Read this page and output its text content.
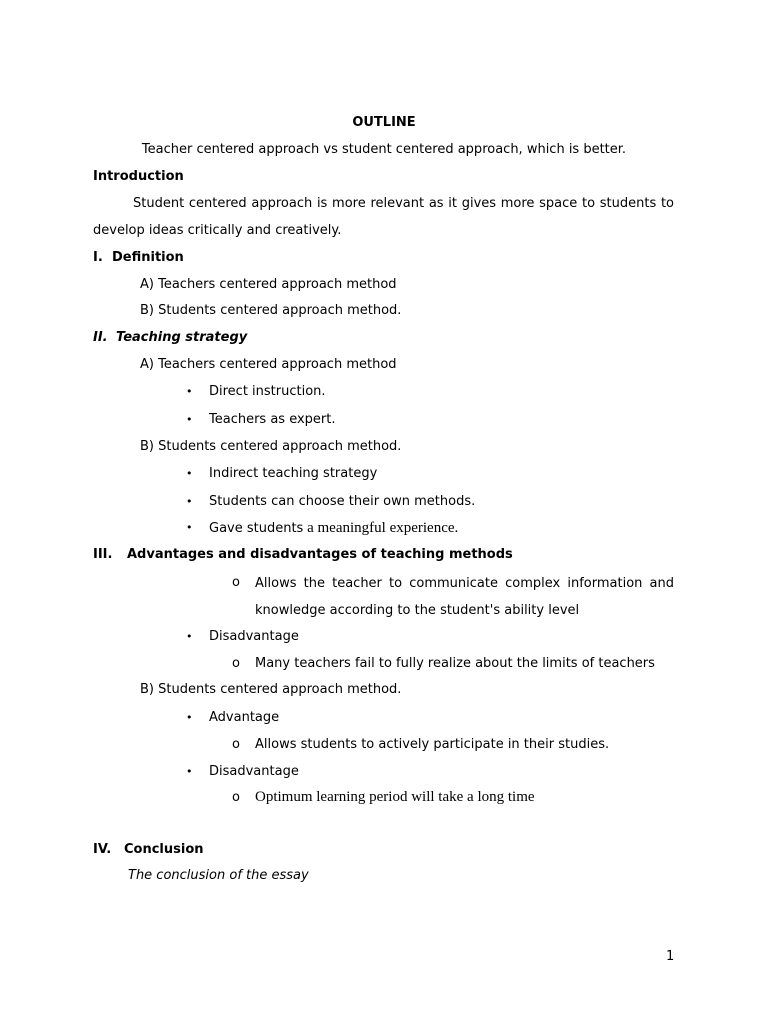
OUTLINE
Teacher centered approach vs student centered approach, which is better.
Introduction
Student centered approach is more relevant as it gives more space to students to develop ideas critically and creatively.
I. Definition
A) Teachers centered approach method
B) Students centered approach method.
II. Teaching strategy
A) Teachers centered approach method
• Direct instruction.
• Teachers as expert.
B) Students centered approach method.
• Indirect teaching strategy
• Students can choose their own methods.
• Gave students a meaningful experience.
III. Advantages and disadvantages of teaching methods
o Allows the teacher to communicate complex information and knowledge according to the student's ability level
• Disadvantage
o Many teachers fail to fully realize about the limits of teachers
B) Students centered approach method.
• Advantage
o Allows students to actively participate in their studies.
• Disadvantage
o Optimum learning period will take a long time
IV. Conclusion
The conclusion of the essay
1
